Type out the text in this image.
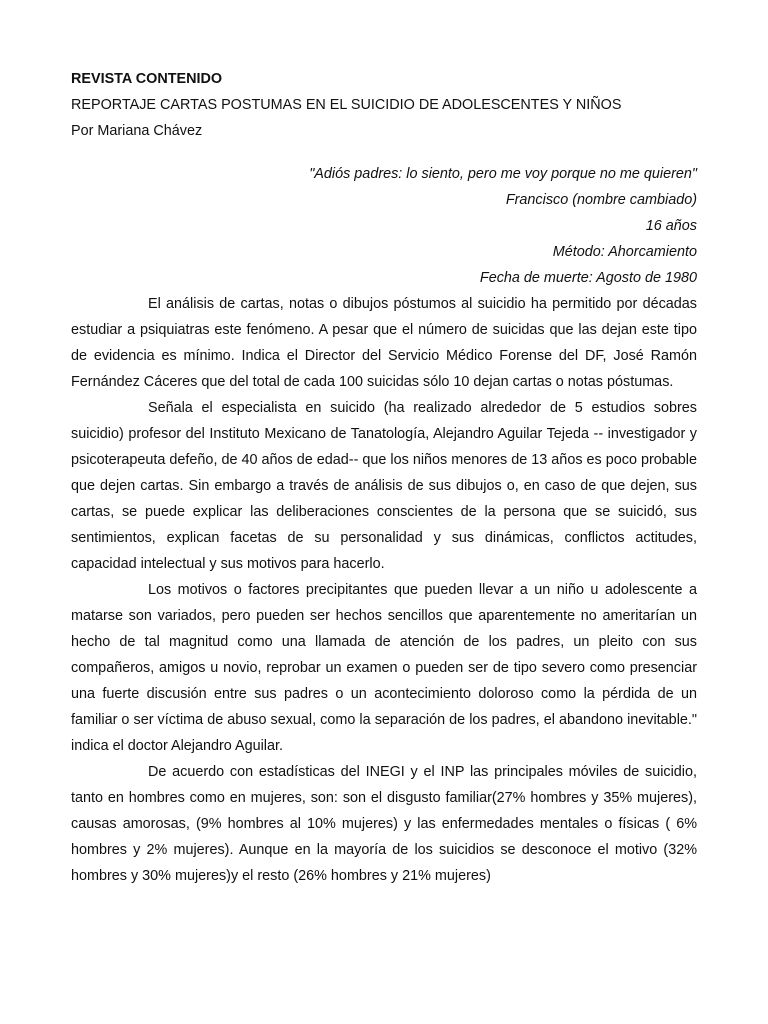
REVISTA CONTENIDO
REPORTAJE CARTAS POSTUMAS EN EL SUICIDIO DE ADOLESCENTES Y NIÑOS
Por Mariana Chávez
"Adiós padres: lo siento, pero me voy porque no me quieren"
Francisco (nombre cambiado)
16 años
Método: Ahorcamiento
Fecha de muerte: Agosto de 1980

El análisis de cartas, notas o dibujos póstumos al suicidio ha permitido por décadas estudiar a psiquiatras este fenómeno. A pesar que el número de suicidas que las dejan este tipo de evidencia es mínimo. Indica el Director del Servicio Médico Forense del DF, José Ramón Fernández Cáceres que del total de cada 100 suicidas sólo 10 dejan cartas o notas póstumas.

Señala el especialista en suicido (ha realizado alrededor de 5 estudios sobres suicidio) profesor del Instituto Mexicano de Tanatología, Alejandro Aguilar Tejeda -- investigador y psicoterapeuta defeño, de 40 años de edad-- que los niños menores de 13 años es poco probable que dejen cartas. Sin embargo a través de análisis de sus dibujos o, en caso de que dejen, sus cartas, se puede explicar las deliberaciones conscientes de la persona que se suicidó, sus sentimientos, explican facetas de su personalidad y sus dinámicas, conflictos actitudes, capacidad intelectual y sus motivos para hacerlo.

Los motivos o factores precipitantes que pueden llevar a un niño u adolescente a matarse son variados, pero pueden ser hechos sencillos que aparentemente no ameritarían un hecho de tal magnitud como una llamada de atención de los padres, un pleito con sus compañeros, amigos u novio, reprobar un examen o pueden ser de tipo severo como presenciar una fuerte discusión entre sus padres o un acontecimiento doloroso como la pérdida de un familiar o ser víctima de abuso sexual, como la separación de los padres, el abandono inevitable." indica el doctor Alejandro Aguilar.

De acuerdo con estadísticas del INEGI y el INP las principales móviles de suicidio, tanto en hombres como en mujeres, son: son el disgusto familiar(27% hombres y 35% mujeres), causas amorosas, (9% hombres al 10% mujeres) y las enfermedades mentales o físicas ( 6% hombres y 2% mujeres). Aunque en la mayoría de los suicidios se desconoce el motivo (32% hombres y 30% mujeres)y el resto (26% hombres y 21% mujeres)
